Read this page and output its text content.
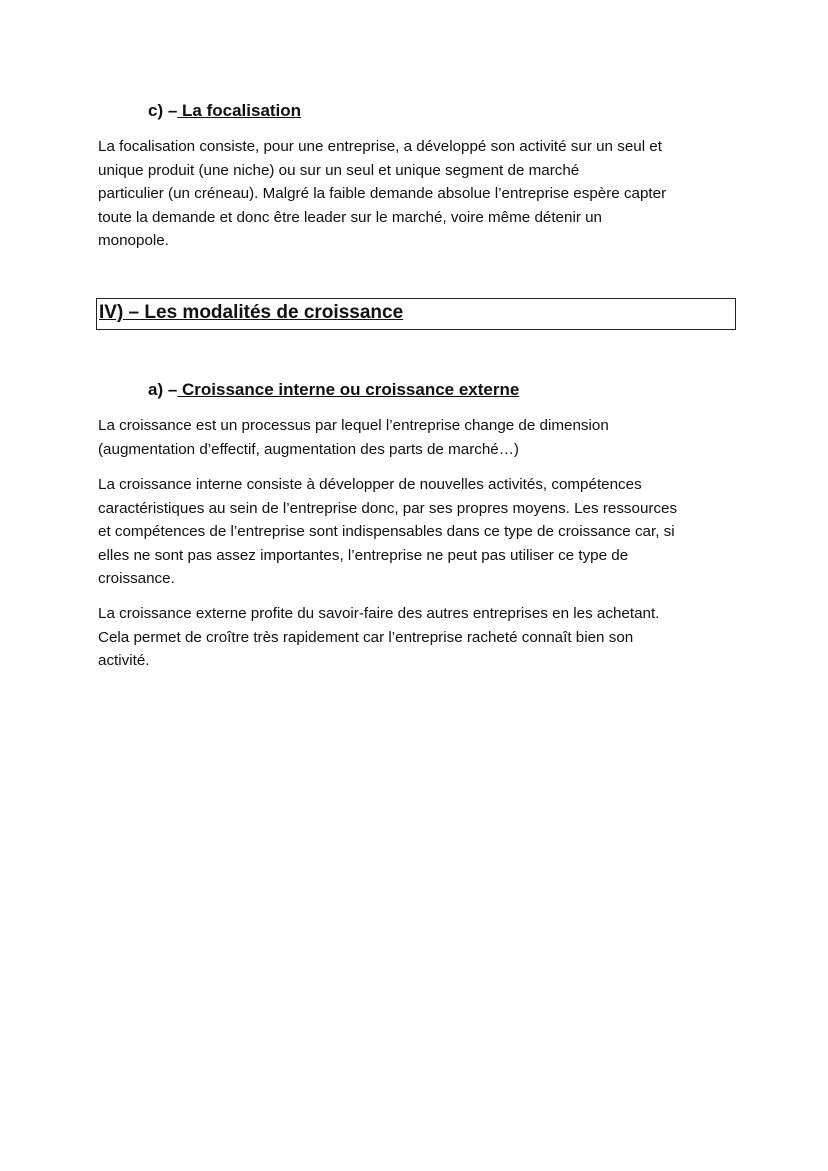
c) – La focalisation

La focalisation consiste, pour une entreprise, a développé son activité sur un seul et
unique produit (une niche) ou sur un seul et unique segment de marché
particulier (un créneau). Malgré la faible demande absolue l’entreprise espère capter
toute la demande et donc être leader sur le marché, voire même détenir un
monopole.

IV) – Les modalités de croissance
a) – Croissance interne ou croissance externe

La croissance est un processus par lequel l’entreprise change de dimension
(augmentation d’effectif, augmentation des parts de marché…)

La croissance interne consiste à développer de nouvelles activités, compétences
caractéristiques au sein de l’entreprise donc, par ses propres moyens. Les ressources
et compétences de l’entreprise sont indispensables dans ce type de croissance car, si
elles ne sont pas assez importantes, l’entreprise ne peut pas utiliser ce type de
croissance.

La croissance externe profite du savoir-faire des autres entreprises en les achetant.
Cela permet de croître très rapidement car l’entreprise racheté connaît bien son
activité.
